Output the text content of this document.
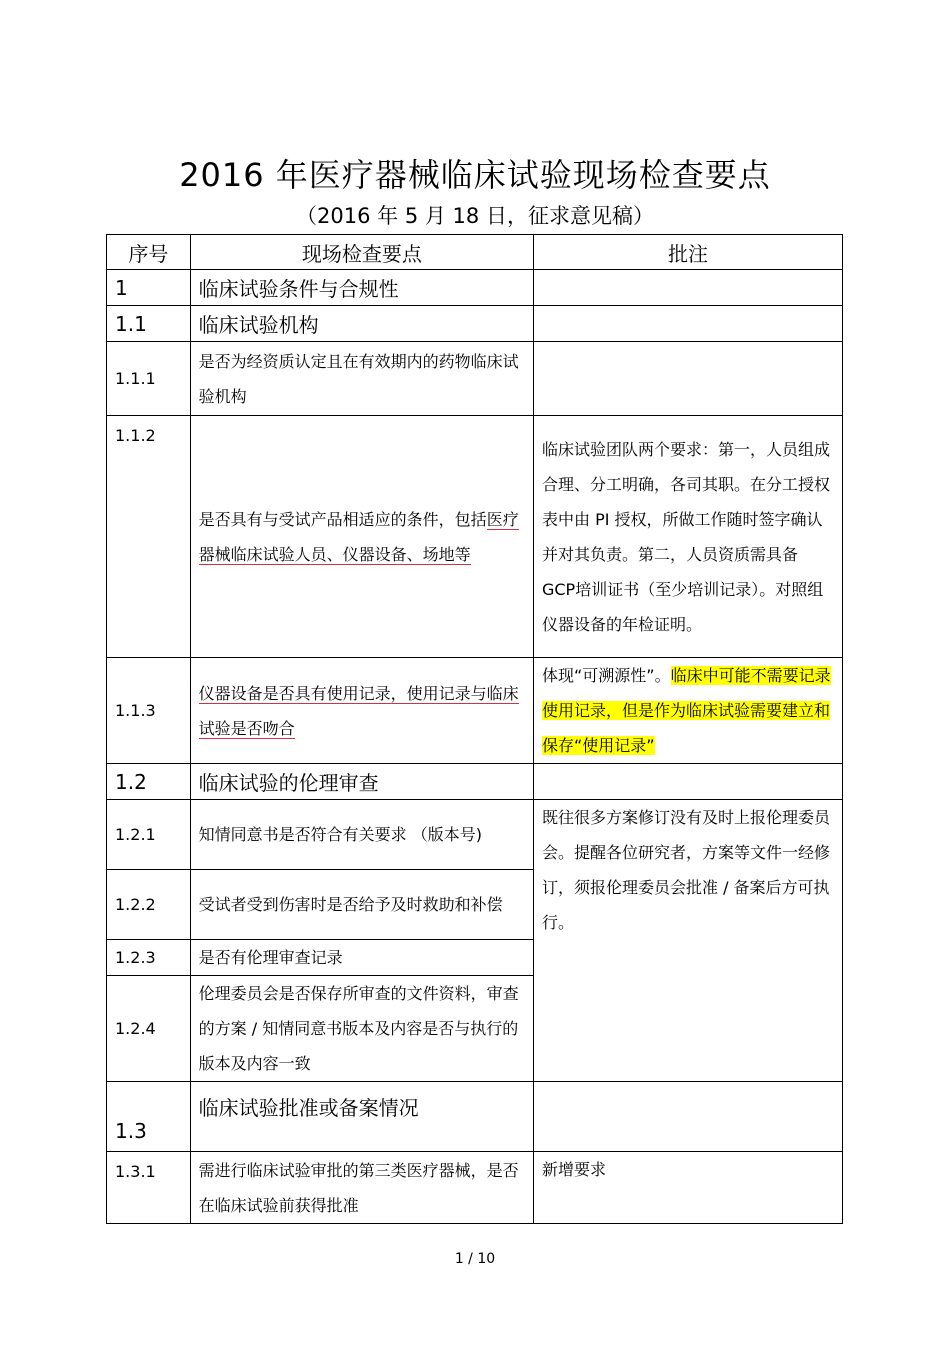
2016 年医疗器械临床试验现场检查要点
（2016 年 5 月 18 日，征求意见稿）
序号	现场检查要点	批注
1	临床试验条件与合规性	
1.1	临床试验机构	
1.1.1	是否为经资质认定且在有效期内的药物临床试验机构	
1.1.2	是否具有与受试产品相适应的条件，包括医疗器械临床试验人员、仪器设备、场地等	临床试验团队两个要求：第一，人员组成合理、分工明确，各司其职。在分工授权表中由 PI 授权，所做工作随时签字确认并对其负责。第二，人员资质需具备 GCP培训证书（至少培训记录）。对照组仪器设备的年检证明。
1.1.3	仪器设备是否具有使用记录，使用记录与临床试验是否吻合	体现“可溯源性”。临床中可能不需要记录使用记录，但是作为临床试验需要建立和保存“使用记录”
1.2	临床试验的伦理审查	
1.2.1	知情同意书是否符合有关要求 （版本号)	既往很多方案修订没有及时上报伦理委员会。提醒各位研究者，方案等文件一经修订，须报伦理委员会批准 / 备案后方可执行。
1.2.2	受试者受到伤害时是否给予及时救助和补偿	
1.2.3	是否有伦理审查记录	
1.2.4	伦理委员会是否保存所审查的文件资料，审查的方案 / 知情同意书版本及内容是否与执行的版本及内容一致	
1.3	临床试验批准或备案情况	
1.3.1	需进行临床试验审批的第三类医疗器械，是否在临床试验前获得批准	新增要求
1 / 10
